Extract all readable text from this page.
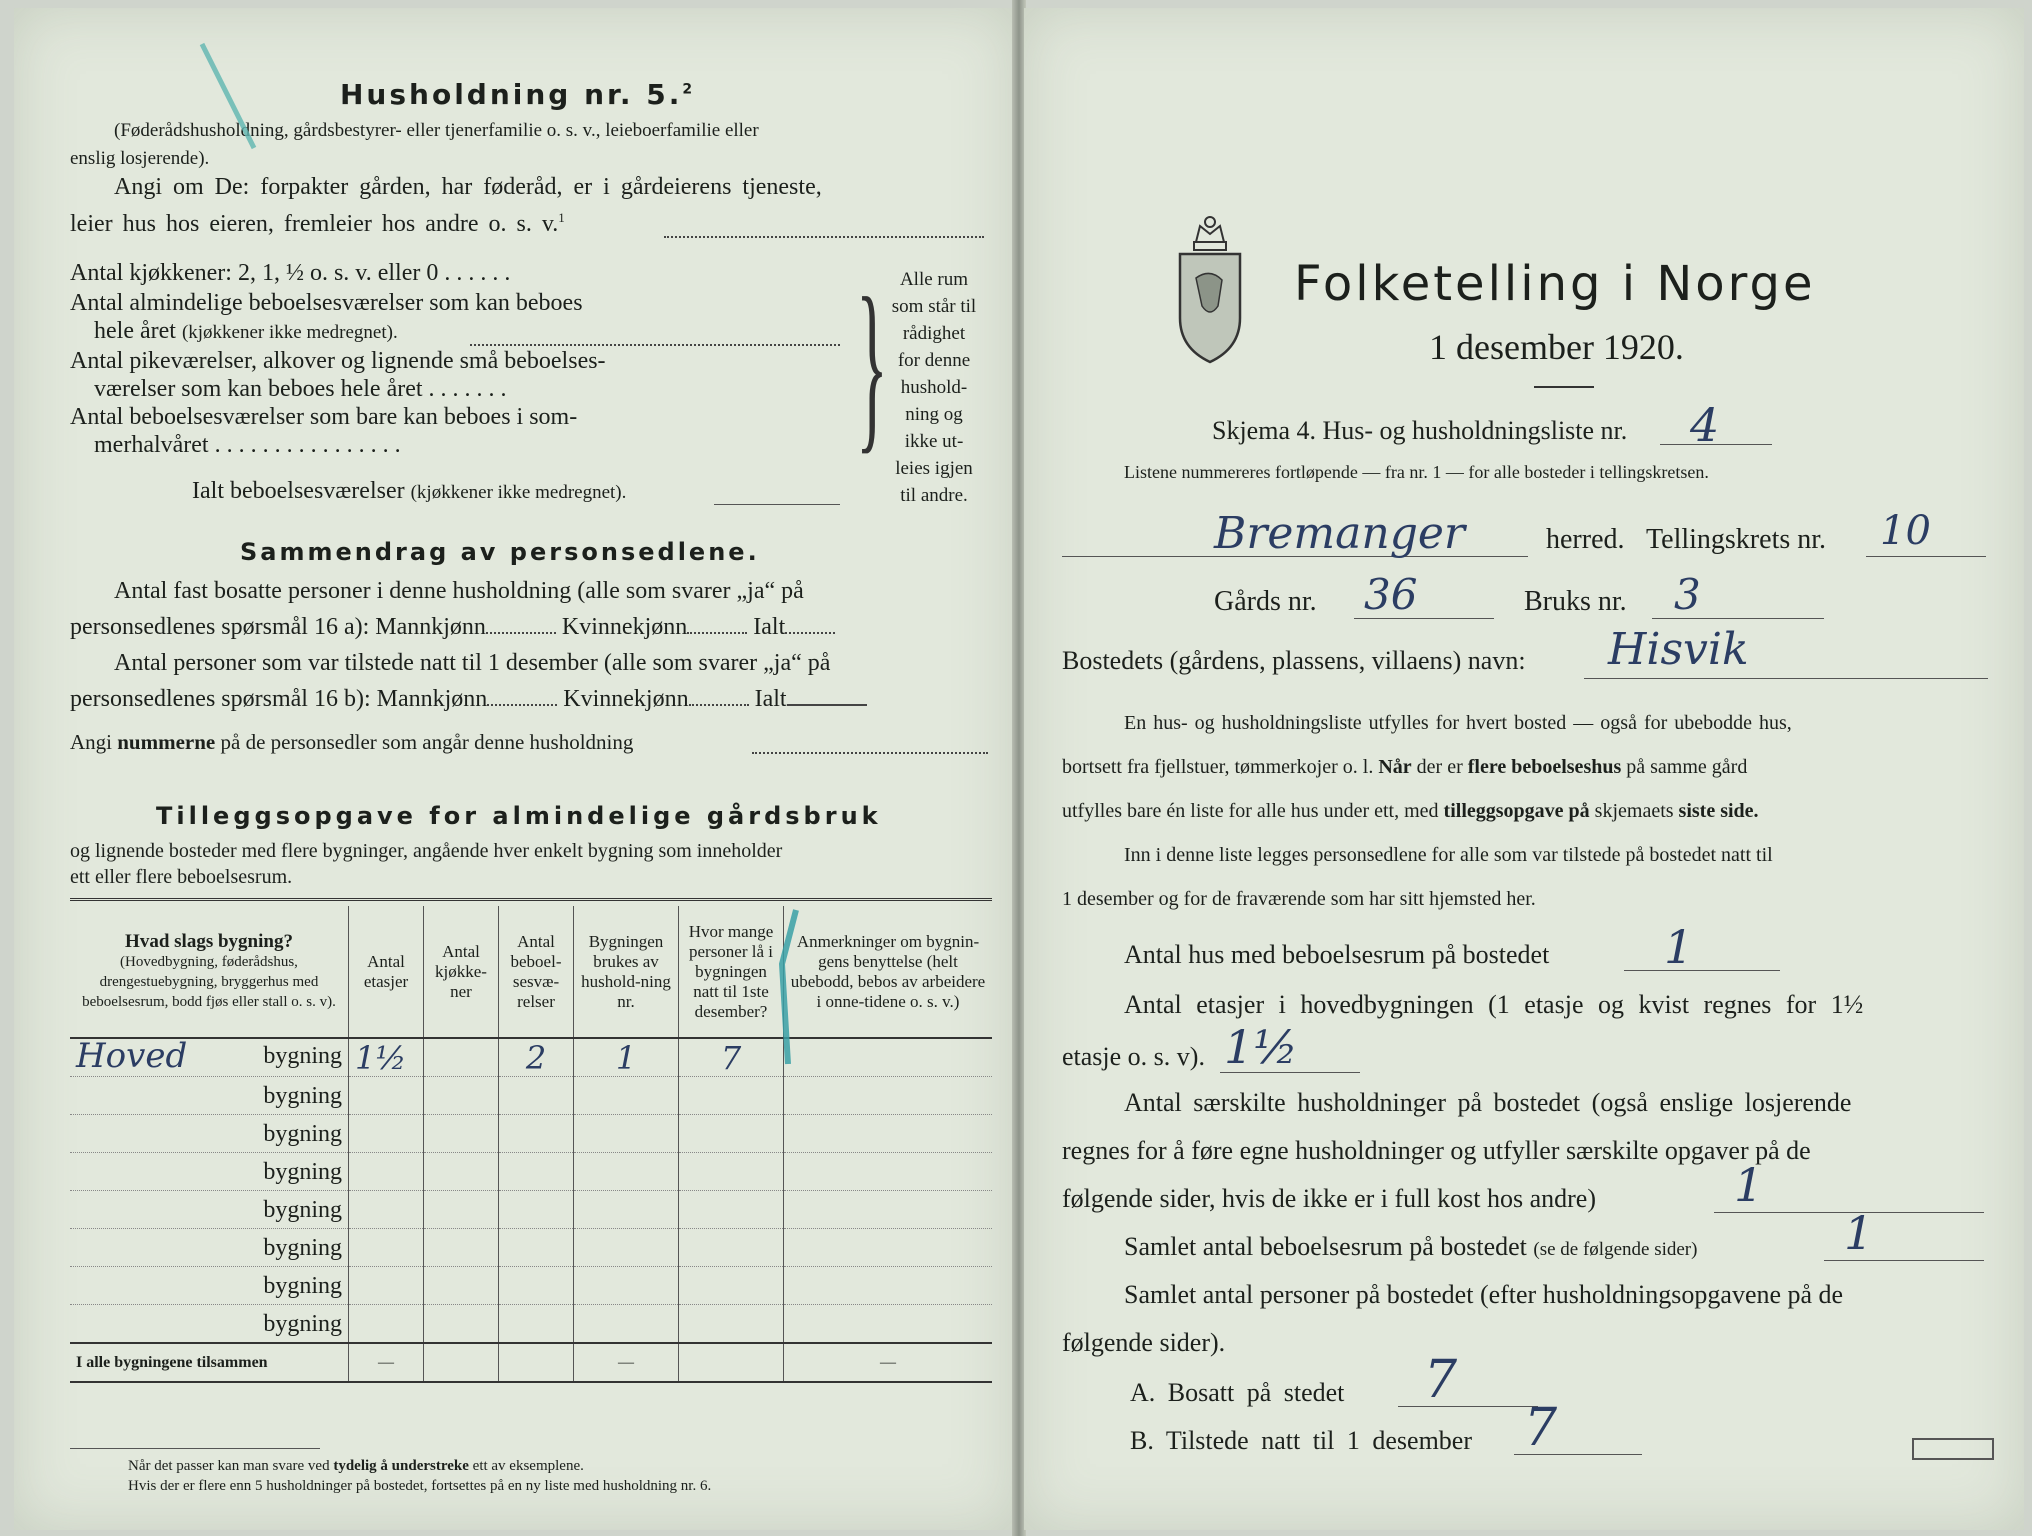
Husholdning nr. 5.$^2$
(Føderådshusholdning, gårdsbestyrer- eller tjenerfamilie o. s. v., leieboerfamilie eller
enslig losjerende).
Angi om De: forpakter gården, har føderåd, er i gårdeierens tjeneste,
leier hus hos eieren, fremleier hos andre o. s. v.$^1$
Antal kjøkkener: 2, 1, ½ o. s. v. eller 0 . . . . . .
Antal almindelige beboelsesværelser som kan beboes
hele året (kjøkkener ikke medregnet).
Antal pikeværelser, alkover og lignende små beboelses-
værelser som kan beboes hele året . . . . . . .
Antal beboelsesværelser som bare kan beboes i som-
merhalvåret . . . . . . . . . . . . . . . .
Ialt beboelsesværelser (kjøkkener ikke medregnet).
} Alle rum
som står til
rådighet
for denne
hushold-
ning og
ikke ut-
leies igjen
til andre.
Sammendrag av personsedlene.
Antal fast bosatte personer i denne husholdning (alle som svarer „ja“ på
personsedlenes spørsmål 16 a): Mannkjønn	Kvinnekjønn	Ialt
Antal personer som var tilstede natt til 1 desember (alle som svarer „ja“ på
personsedlenes spørsmål 16 b): Mannkjønn	Kvinnekjønn	Ialt
Angi nummerne på de personsedler som angår denne husholdning
Tilleggsopgave for almindelige gårdsbruk
og lignende bosteder med flere bygninger, angående hver enkelt bygning som inneholder
ett eller flere beboelsesrum.
Hvad slags bygning?
(Hovedbygning, føderådshus, drengestuebygning, bryggerhus med beboelsesrum, bodd fjøs eller stall o. s. v).	Antal etasjer	Antal kjøkke-ner	Antal beboel-sesvæ-relser	Bygningen brukes av hushold-ning nr.	Hvor mange personer lå i bygningen natt til 1ste desember?	Anmerkninger om bygnin-gens benyttelse (helt ubebodd, bebos av arbeidere i onne-tidene o. s. v.)
Hoved bygning	1½		2	1	7	

bygning						

bygning						

bygning						

bygning						

bygning						

bygning						

bygning						

I alle bygningene tilsammen	—			—		—
Når det passer kan man svare ved tydelig å understreke ett av eksemplene.
Hvis der er flere enn 5 husholdninger på bostedet, fortsettes på en ny liste med husholdning nr. 6.
Folketelling i Norge
1 desember 1920.
Skjema 4. Hus- og husholdningsliste nr. 4
Listene nummereres fortløpende — fra nr. 1 — for alle bosteder i tellingskretsen.
Bremanger	herred. Tellingskrets nr. 10
Gårds nr. 36	Bruks nr. 3
Bostedets (gårdens, plassens, villaens) navn: Hisvik
En hus- og husholdningsliste utfylles for hvert bosted — også for ubebodde hus,
bortsett fra fjellstuer, tømmerkojer o. l. Når der er flere beboelseshus på samme gård
utfylles bare én liste for alle hus under ett, med tilleggsopgave på skjemaets siste side.
Inn i denne liste legges personsedlene for alle som var tilstede på bostedet natt til
1 desember og for de fraværende som har sitt hjemsted her.
Antal hus med beboelsesrum på bostedet 1
Antal etasjer i hovedbygningen (1 etasje og kvist regnes for 1½
etasje o. s. v). 1½
Antal særskilte husholdninger på bostedet (også enslige losjerende
regnes for å føre egne husholdninger og utfyller særskilte opgaver på de
følgende sider, hvis de ikke er i full kost hos andre)	1
Samlet antal beboelsesrum på bostedet (se de følgende sider)	1
Samlet antal personer på bostedet (efter husholdningsopgavene på de
følgende sider).
A. Bosatt på stedet 7
B. Tilstede natt til 1 desember 7
